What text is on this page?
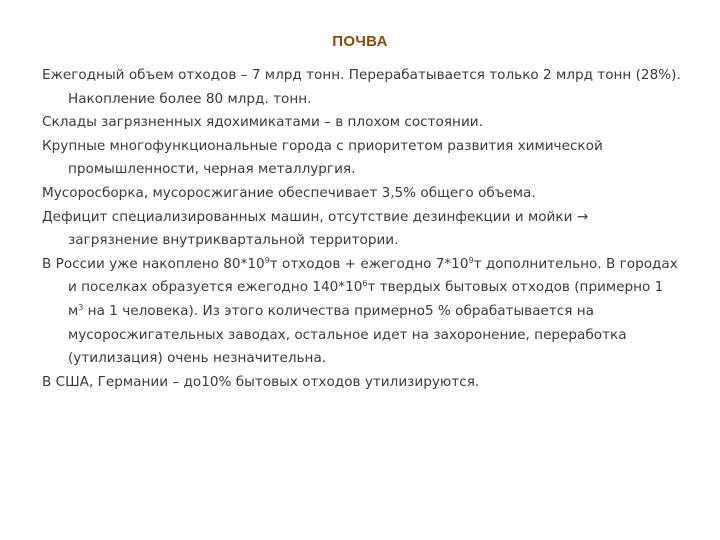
ПОЧВА

Ежегодный объем отходов – 7 млрд тонн. Перерабатывается только 2 млрд тонн (28%). Накопление более 80 млрд. тонн.

Склады загрязненных ядохимикатами – в плохом состоянии.

Крупные многофункциональные города с приоритетом развития химической промышленности, черная металлургия.

Мусоросборка, мусоросжигание обеспечивает 3,5% общего объема.

Дефицит специализированных машин, отсутствие дезинфекции и мойки → загрязнение внутриквартальной территории.

В России уже накоплено $80*10^9т$ отходов + ежегодно $7*10^9т$ дополнительно. В городах и поселках образуется ежегодно $140*10^6т$ твердых бытовых отходов (примерно 1 $м^3$ на 1 человека). Из этого количества примерно5 % обрабатывается на мусоросжигательных заводах, остальное идет на захоронение, переработка (утилизация) очень незначительна.

В США, Германии – до10% бытовых отходов утилизируются.
